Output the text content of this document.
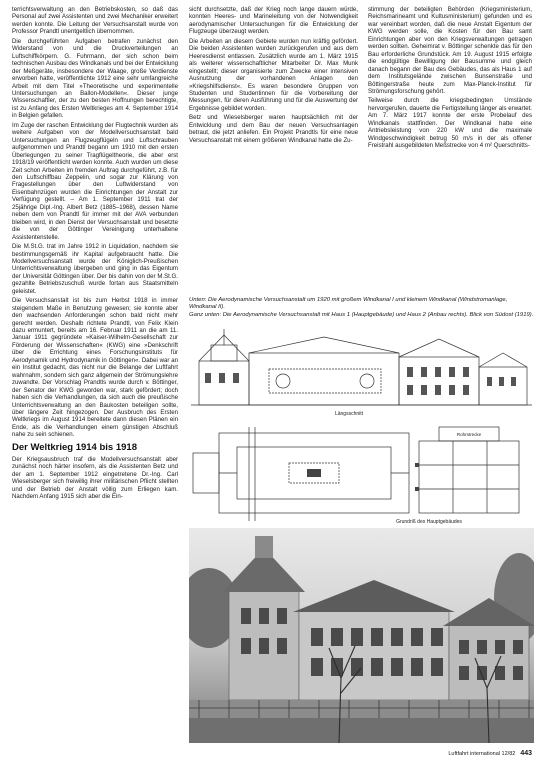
terrichtsverwaltung an den Betriebskosten, so daß das Personal auf zwei Assistenten und zwei Mechaniker erweitert werden konnte. Die Leitung der Versuchsanstalt wurde von Professor Prandtl unentgeltlich übernommen.

Die durchgeführten Aufgaben betrafen zunächst den Widerstand von und die Druckverteilungen an Luftschiffkörpern. G. Fuhrmann, der sich schon beim technischen Ausbau des Windkanals und bei der Entwicklung der Meßgeräte, insbesondere der Waage, große Verdienste erworben hatte, veröffentlichte 1912 eine sehr umfangreiche Arbeit mit dem Titel »Theoretische und experimentelle Untersuchungen an Ballon-Modellen«. Dieser junge Wissenschaftler, der zu den besten Hoffnungen berechtigte, ist zu Anfang des Ersten Weltkrieges am 4. September 1914 in Belgien gefallen.

Im Zuge der raschen Entwicklung der Flugtechnik wurden als weitere Aufgaben von der Modellversuchsanstalt bald Untersuchungen an Flugzeugflügeln und Luftschrauben aufgenommen und Prandtl begann um 1910 mit den ersten Überlegungen zu seiner Tragflügeltheorie, die aber erst 1918/19 veröffentlicht werden konnte. Auch wurden um diese Zeit schon Arbeiten im fremden Auftrag durchgeführt, z.B. für den Luftschiffbau Zeppelin, und sogar zur Klärung von Fragestellungen über den Luftwiderstand von Eisenbahnzügen wurden die Einrichtungen der Anstalt zur Verfügung gestellt. – Am 1. September 1911 trat der 25jährige Dipl.-Ing. Albert Betz (1885–1968), dessen Name neben dem von Prandtl für immer mit der AVA verbunden bleiben wird, in den Dienst der Versuchsanstalt und besetzte die von der Göttinger Vereinigung unterhaltene Assistentenstelle.

Die M.St.G. trat im Jahre 1912 in Liquidation, nachdem sie bestimmungsgemäß ihr Kapital aufgebraucht hatte. Die Modellversuchsanstalt wurde der Königlich-Preußischen Unterrichtsverwaltung übergeben und ging in das Eigentum der Universität Göttingen über. Der bis dahin von der M.St.G. gezahlte Betriebszuschuß wurde fortan aus Staatsmitteln geleistet.

Die Versuchsanstalt ist bis zum Herbst 1918 in immer steigendem Maße in Benutzung gewesen; sie konnte aber den wachsenden Anforderungen schon bald nicht mehr gerecht werden. Deshalb richtete Prandtl, von Felix Klein dazu ermuntert, bereits am 16. Februar 1911 an die am 11. Januar 1911 gegründete »Kaiser-Wilhelm-Gesellschaft zur Förderung der Wissenschaften« (KWG) eine »Denkschrift über die Errichtung eines Forschungsinstituts für Aerodynamik und Hydrodynamik in Göttingen«. Dabei war an ein Institut gedacht, das nicht nur die Belange der Luftfahrt wahrnahm, sondern sich ganz allgemein der Strömungslehre zuwandte. Der Vorschlag Prandtls wurde durch v. Böttinger, der Senator der KWG geworden war, stark gefördert; doch haben sich die Verhandlungen, da sich auch die preußische Unterrichtsverwaltung an den Baukosten beteiligen sollte, über längere Zeit hingezogen. Der Ausbruch des Ersten Weltkriegs im August 1914 bereitete dann diesen Plänen ein Ende, als die Verhandlungen einem günstigen Abschluß nahe zu sein schienen.

Der Weltkrieg 1914 bis 1918

Der Kriegsausbruch traf die Modellversuchsanstalt aber zunächst noch härter insofern, als die Assistenten Betz und der am 1. September 1912 eingetretene Dr.-Ing. Carl Wieselsberger sich freiwillig ihrer militärischen Pflicht stellten und der Betrieb der Anstalt völlig zum Erliegen kam. Nachdem Anfang 1915 sich aber die Ein-

sicht durchsetzte, daß der Krieg noch lange dauern würde, konnten Heeres- und Marineleitung von der Notwendigkeit aerodynamischer Untersuchungen für die Entwicklung der Flugzeuge überzeugt werden.

Die Arbeiten an diesem Gebiete wurden nun kräftig gefördert. Die beiden Assistenten wurden zurückgerufen und aus dem Heeresdienst entlassen. Zusätzlich wurde am 1. März 1915 als weiterer wissenschaftlicher Mitarbeiter Dr. Max Munk eingestellt; dieser organisierte zum Zwecke einer intensiven Ausnutzung der vorhandenen Anlagen den »Kriegshilfsdienst«. Es waren besondere Gruppen von Studenten und Studentinnen für die Vorbereitung der Messungen, für deren Ausführung und für die Auswertung der Ergebnisse gebildet worden.

Betz und Wieselsberger waren hauptsächlich mit der Entwicklung und dem Bau der neuen Versuchsanlagen betraut, die jetzt anliefen. Ein Projekt Prandtls für eine neue Versuchsanstalt mit einem größeren Windkanal hatte die Zu-

stimmung der beteiligten Behörden (Kriegsministerium, Reichsmarineamt und Kultusministerium) gefunden und es war vereinbart worden, daß die neue Anstalt Eigentum der KWG werden solle, die Kosten für den Bau samt Einrichtungen aber von den Kriegsverwaltungen getragen werden sollten. Geheimrat v. Böttinger schenkte das für den Bau erforderliche Grundstück. Am 19. August 1915 erfolgte die endgültige Bewilligung der Bausumme und gleich danach begann der Bau des Gebäudes, das als Haus 1 auf dem Institutsgelände zwischen Bunsenstraße und Böttingerstraße heute zum Max-Planck-Institut für Strömungsforschung gehört.

Teilweise durch die kriegsbedingten Umstände hervorgerufen, dauerte die Fertigstellung länger als erwartet. Am 7. März 1917 konnte der erste Probelauf des Windkanals stattfinden. Der Windkanal hatte eine Antriebsleistung von 220 kW und die maximale Windgeschwindigkeit betrug 50 m/s in der als offener Freistrahl ausgebildeten Meßstrecke von 4 m² Querschnitts-

Unten: Die Aerodynamische Versuchsanstalt um 1920 mit großem Windkanal I und kleinem Windkanal (Windstromanlage, Windkanal II).

Ganz unten: Die Aerodynamische Versuchsanstalt mit Haus 1 (Hauptgebäude) und Haus 2 (Anbau rechts). Blick von Südost (1919).

Längsschnitt
Rohrstrecke
Grundriß des Hauptgebäudes
Luftfahrt international 12/82 443
